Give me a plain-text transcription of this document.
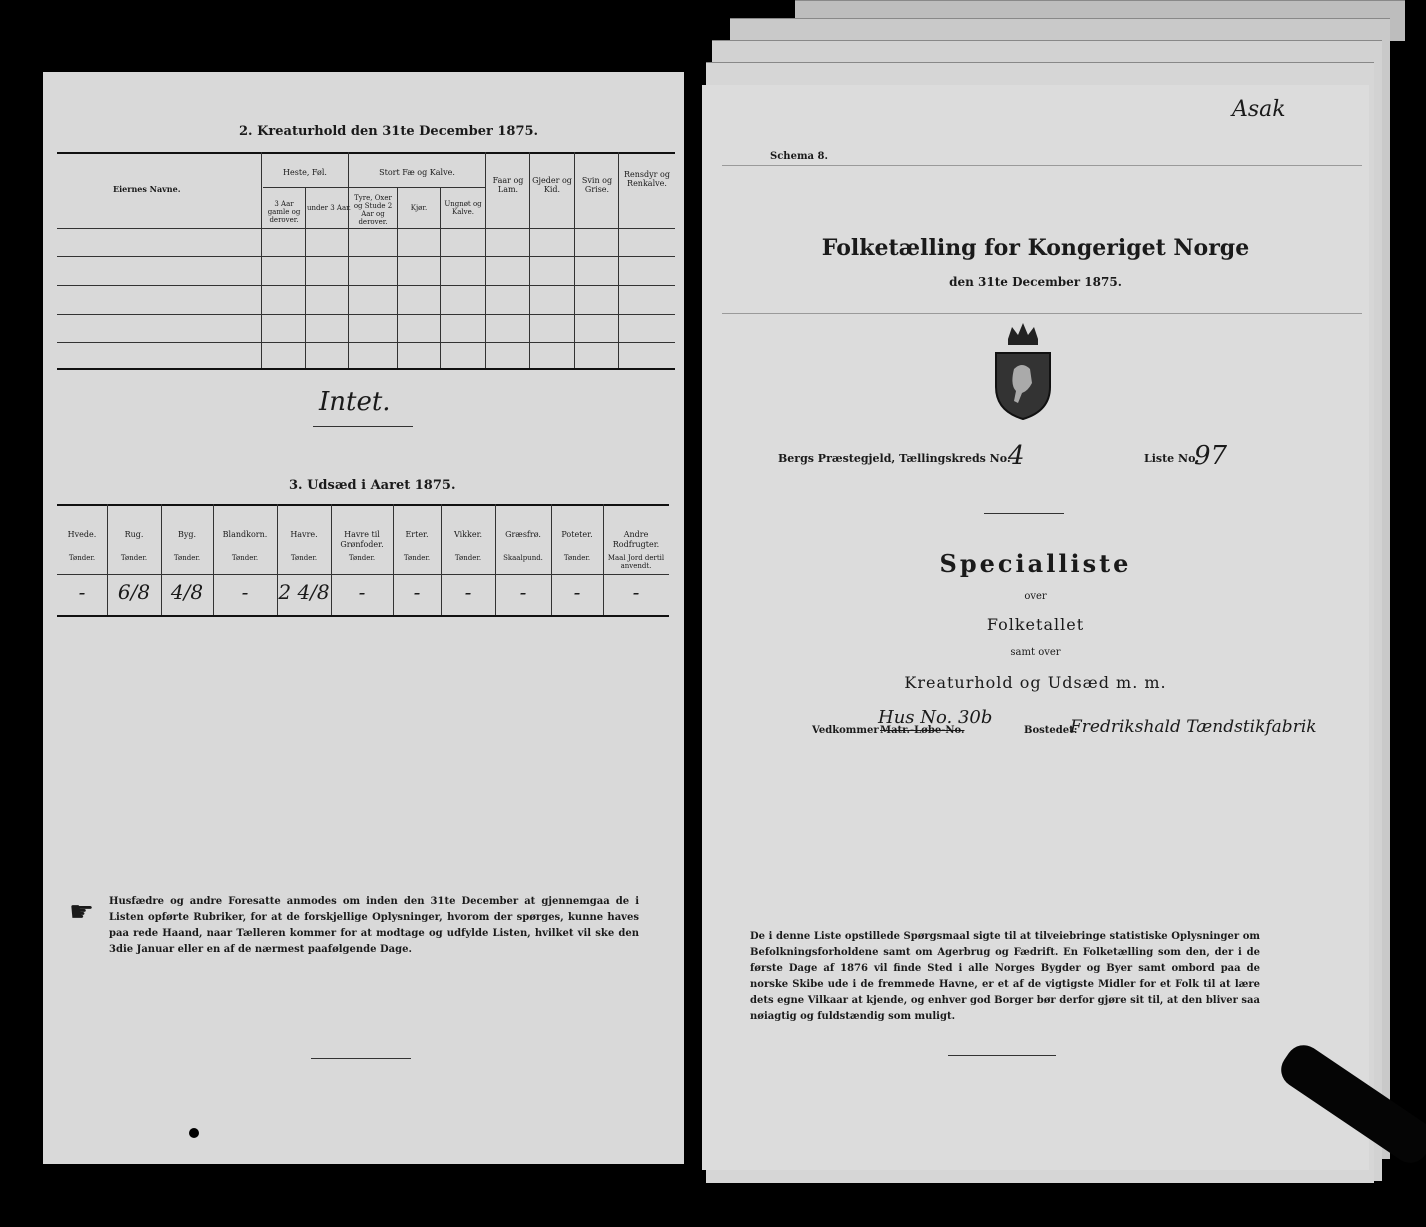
2. Kreaturhold den 31te December 1875.
Eiernes Navne.
Heste, Føl.
3 Aar gamle og derover.
under 3 Aar.
Stort Fæ og Kalve.
Tyre, Oxer og Stude 2 Aar og derover.
Kjør.	Ungnøt og Kalve.
Faar og Lam.
Gjeder og Kid.
Svin og Grise.
Rensdyr og Renkalve.
Intet.
3. Udsæd i Aaret 1875.
☛ Husfædre og andre Foresatte anmodes om inden den 31te December at gjennemgaa de i Listen opførte Rubriker, for at de forskjellige Oplysninger, hvorom der spørges, kunne haves paa rede Haand, naar Tælleren kommer for at modtage og udfylde Listen, hvilket vil ske den 3die Januar eller en af de nærmest paafølgende Dage.
Hvede.
Tønder.
-
Rug.
Tønder.
6/8
Byg.
Tønder.
4/8
Blandkorn.
Tønder.
-
Havre.
Tønder.
2 4/8
Havre til Grønfoder.
Tønder.
-
Erter.
Tønder.
-
Vikker.
Tønder.
-
Græsfrø.
Skaalpund.
-
Poteter.
Tønder.
-
Andre Rodfrugter.
Maal Jord dertil anvendt.
-
Asak
Schema 8.
Folketælling for Kongeriget Norge
den 31te December 1875.
Bergs Præstegjeld, Tællingskreds No.
4	Liste No.
97
Specialliste
over
Folketallet
samt over
Kreaturhold og Udsæd m. m.
Vedkommer Matr.-Løbe-No.
Hus No. 30b
Bostedet:
Fredrikshald Tændstikfabrik
De i denne Liste opstillede Spørgsmaal sigte til at tilveiebringe statistiske Oplysninger om Befolkningsforholdene samt om Agerbrug og Fædrift. En Folketælling som den, der i de første Dage af 1876 vil finde Sted i alle Norges Bygder og Byer samt ombord paa de norske Skibe ude i de fremmede Havne, er et af de vigtigste Midler for et Folk til at lære dets egne Vilkaar at kjende, og enhver god Borger bør derfor gjøre sit til, at den bliver saa nøiagtig og fuldstændig som muligt.
